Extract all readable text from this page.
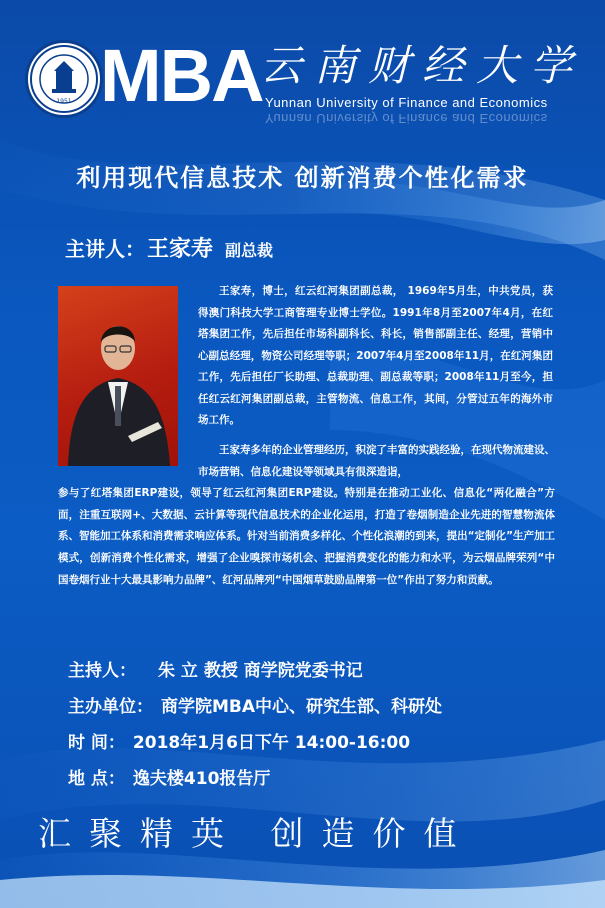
1951 MBA
云南财经大学
Yunnan University of Finance and Economics
Yunnan University of Finance and Economics
利用现代信息技术 创新消费个性化需求
主讲人：王家寿 副总裁
王家寿，博士，红云红河集团副总裁， 1969年5月生，中共党员，获得澳门科技大学工商管理专业博士学位。1991年8月至2007年4月，在红塔集团工作，先后担任市场科副科长、科长，销售部副主任、经理，营销中心副总经理，物资公司经理等职；2007年4月至2008年11月，在红河集团工作，先后担任厂长助理、总裁助理、副总裁等职；2008年11月至今，担任红云红河集团副总裁，主管物流、信息工作，其间，分管过五年的海外市场工作。
王家寿多年的企业管理经历，积淀了丰富的实践经验，在现代物流建设、市场营销、信息化建设等领域具有很深造诣，
参与了红塔集团ERP建设，领导了红云红河集团ERP建设。特别是在推动工业化、信息化“两化融合”方面，注重互联网+、大数据、云计算等现代信息技术的企业化运用，打造了卷烟制造企业先进的智慧物流体系、智能加工体系和消费需求响应体系。针对当前消费多样化、个性化浪潮的到来，提出“定制化”生产加工模式，创新消费个性化需求，增强了企业嗅探市场机会、把握消费变化的能力和水平，为云烟品牌荣列“中国卷烟行业十大最具影响力品牌”、红河品牌列“中国烟草鼓励品牌第一位”作出了努力和贡献。
主持人： 朱 立 教授 商学院党委书记
主办单位： 商学院MBA中心、研究生部、科研处
时 间： 2018年1月6日下午 14:00-16:00
地 点： 逸夫楼410报告厅
汇聚精英 创造价值
